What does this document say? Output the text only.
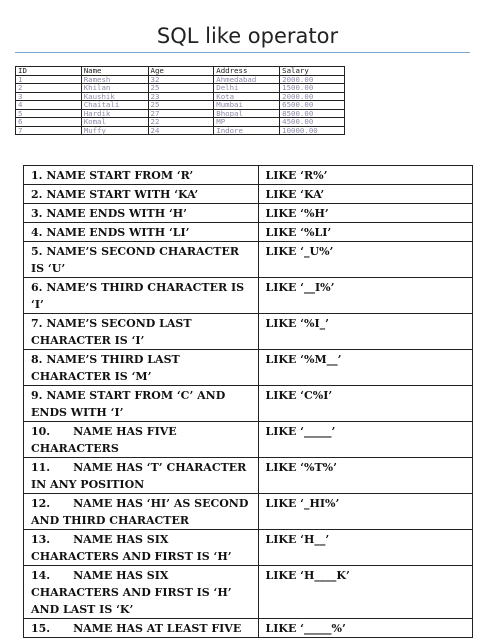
SQL like operator
ID	Name	Age	Address	Salary
1	Ramesh	32	Ahmedabad	2000.00
2	Khilan	25	Delhi	1500.00
3	Kaushik	23	Kota	2000.00
4	Chaitali	25	Mumbai	6500.00
5	Hardik	27	Bhopal	8500.00
6	Komal	22	MP	4500.00
7	Muffy	24	Indore	10000.00
1. NAME START FROM ‘R’	LIKE ‘R%’
2. NAME START WITH ‘KA’	LIKE ‘KA’
3. NAME ENDS WITH ‘H’	LIKE ‘%H’
4. NAME ENDS WITH ‘LI’	LIKE ‘%LI’
5. NAME’S SECOND CHARACTER IS ‘U’	LIKE ‘_U%’
6. NAME’S THIRD CHARACTER IS ‘I’	LIKE ‘__I%’
7. NAME’S SECOND LAST CHARACTER IS ‘I’	LIKE ‘%I_’
8. NAME’S THIRD LAST CHARACTER IS ‘M’	LIKE ‘%M__’
9. NAME START FROM ‘C’ AND ENDS WITH ‘I’	LIKE ‘C%I’
10.      NAME HAS FIVE CHARACTERS	LIKE ‘_____’
11.      NAME HAS ‘T’ CHARACTER IN ANY POSITION	LIKE ‘%T%’
12.      NAME HAS ‘HI’ AS SECOND AND THIRD CHARACTER	LIKE ‘_HI%’
13.      NAME HAS SIX CHARACTERS AND FIRST IS ‘H’	LIKE ‘H__’
14.      NAME HAS SIX CHARACTERS AND FIRST IS ‘H’ AND LAST IS ‘K’	LIKE ‘H____K’
15.      NAME HAS AT LEAST FIVE	LIKE ‘_____%’
